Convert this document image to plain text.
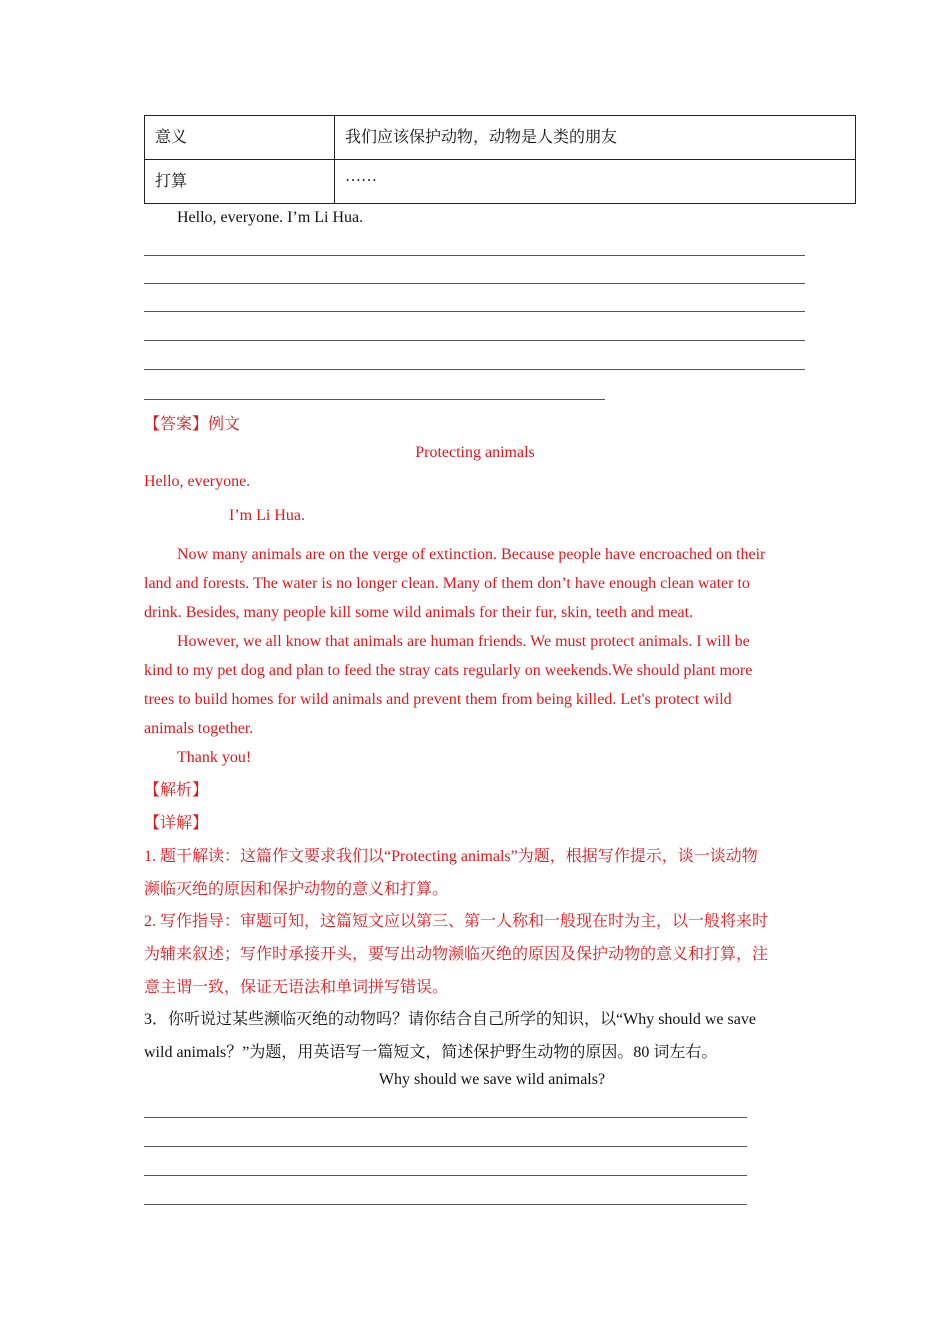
意义	我们应该保护动物，动物是人类的朋友
打算	……
Hello, everyone. I’m Li Hua.
【答案】例文
Protecting animals
Hello, everyone.
I’m Li Hua.
Now many animals are on the verge of extinction. Because people have encroached on their
land and forests. The water is no longer clean. Many of them don’t have enough clean water to
drink. Besides, many people kill some wild animals for their fur, skin, teeth and meat.
However, we all know that animals are human friends. We must protect animals. I will be
kind to my pet dog and plan to feed the stray cats regularly on weekends.We should plant more
trees to build homes for wild animals and prevent them from being killed. Let's protect wild
animals together.
Thank you!
【解析】
【详解】
1. 题干解读：这篇作文要求我们以“Protecting animals”为题，根据写作提示，谈一谈动物
濒临灭绝的原因和保护动物的意义和打算。
2. 写作指导：审题可知，这篇短文应以第三、第一人称和一般现在时为主，以一般将来时
为辅来叙述；写作时承接开头，要写出动物濒临灭绝的原因及保护动物的意义和打算，注
意主谓一致，保证无语法和单词拼写错误。
3．你听说过某些濒临灭绝的动物吗？请你结合自己所学的知识，以“Why should we save
wild animals？”为题，用英语写一篇短文，简述保护野生动物的原因。80 词左右。
Why should we save wild animals?
